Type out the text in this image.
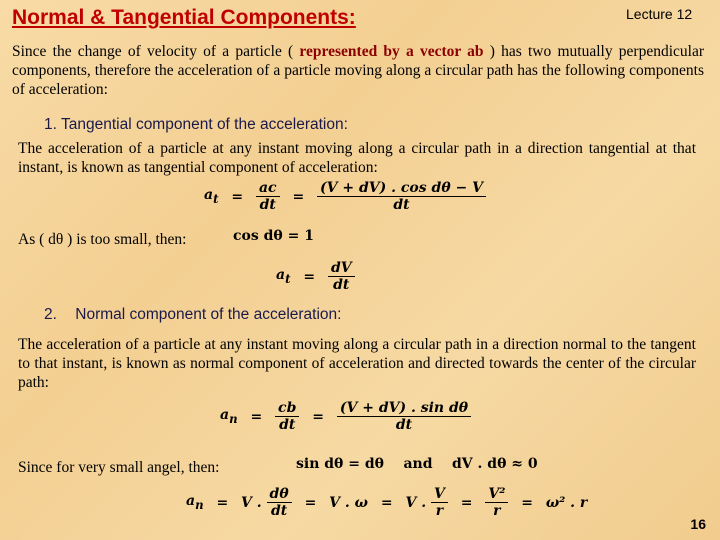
Normal & Tangential Components:	Lecture 12
Since the change of velocity of a particle ( represented by a vector ab ) has two mutually perpendicular components, therefore the acceleration of a particle moving along a circular path has the following components of acceleration:
1. Tangential component of the acceleration:
The acceleration of a particle at any instant moving along a circular path in a direction tangential at that instant, is known as tangential component of acceleration:
$a_t = \frac{ac}{dt} = \frac{\text{(V + dV) . cos dθ − V}}{dt}$
As ( dθ ) is too small, then:	cos dθ = 1
$a_t = \frac{dV}{dt}$
2. Normal component of the acceleration:
The acceleration of a particle at any instant moving along a circular path in a direction normal to the tangent to that instant, is known as normal component of acceleration and directed towards the center of the circular path:
$a_n = \frac{cb}{dt} = \frac{\text{(V + dV) . sin dθ}}{dt}$
Since for very small angel, then:	sin dθ = dθ    and    dV . dθ ≈ 0
$a_n = V$ . $\frac{d\theta}{dt} = V$ . ω = V . $\frac{V}{r} = \frac{\text{V²}}{r} = \omega^2$ . r
16
